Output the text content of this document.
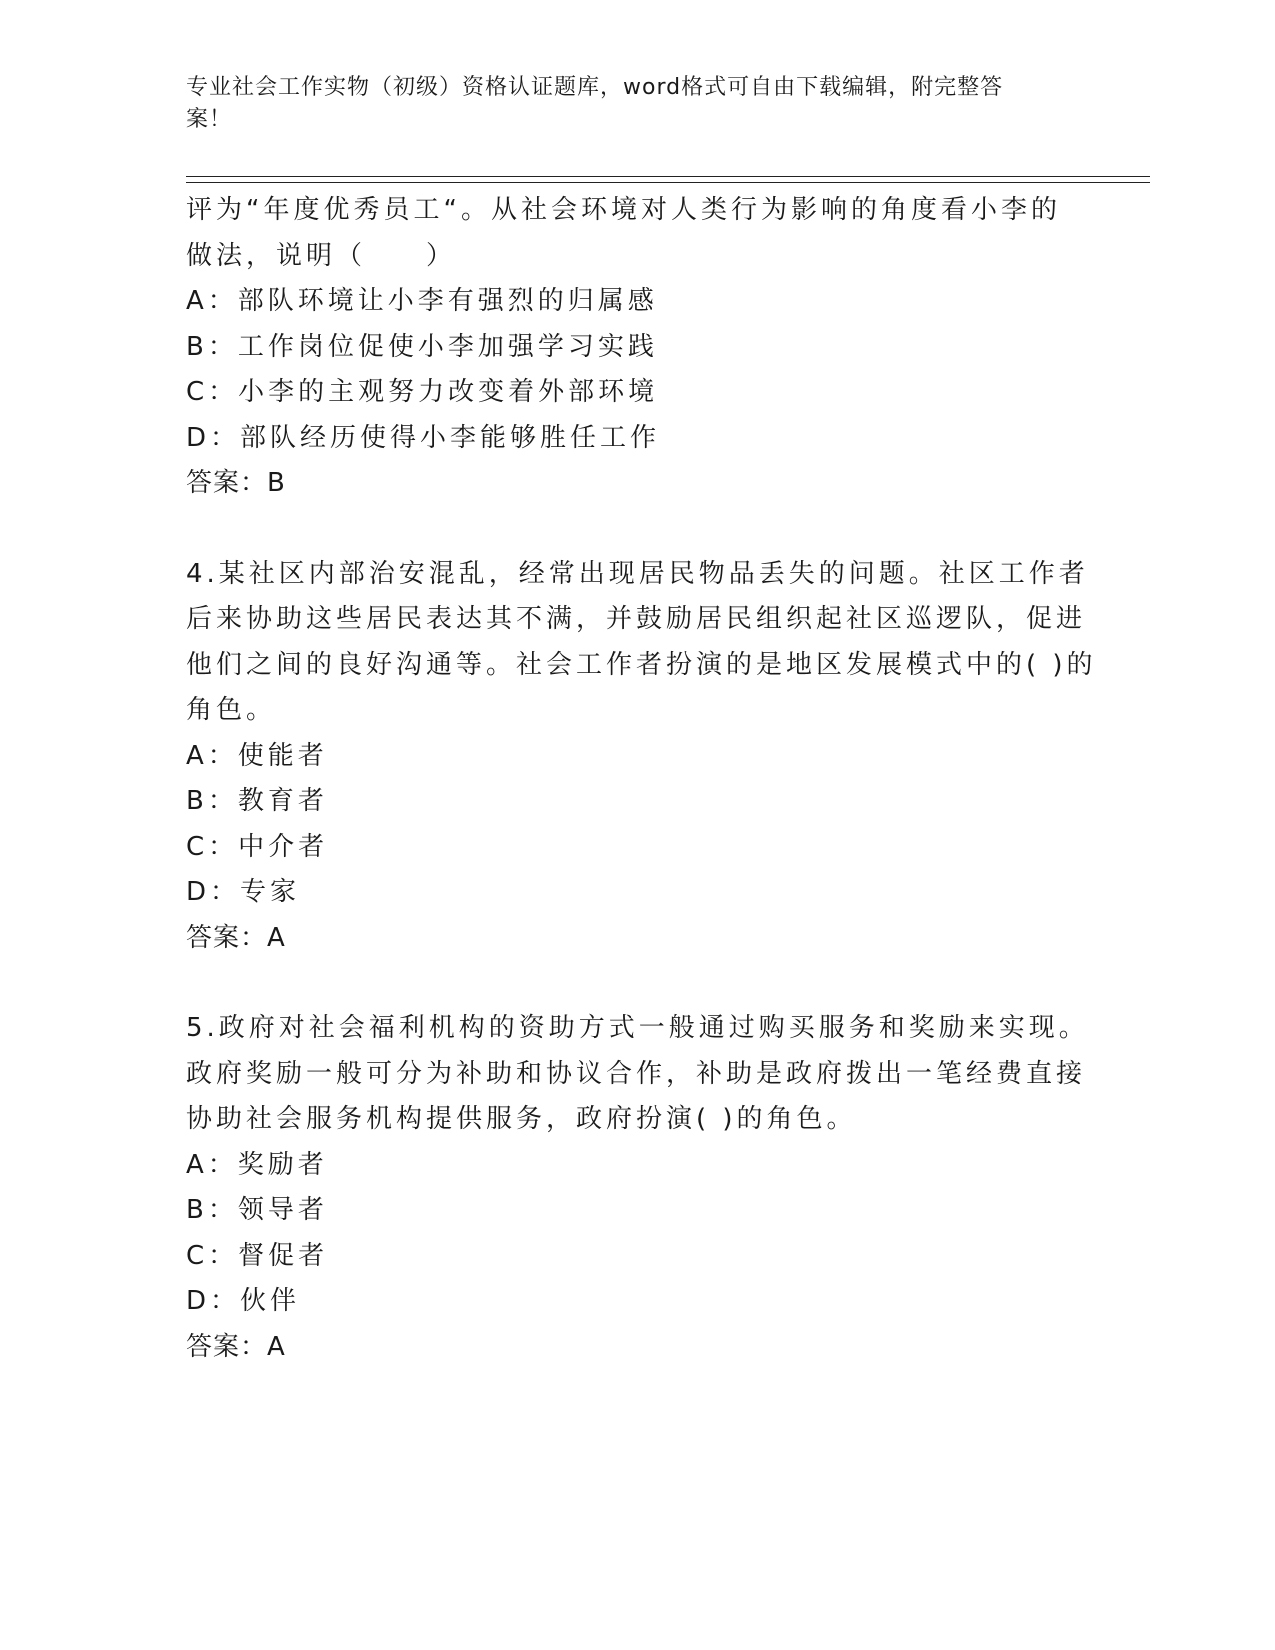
专业社会工作实物（初级）资格认证题库，word格式可自由下载编辑，附完整答
案！
评为“年度优秀员工“。从社会环境对人类行为影响的角度看小李的
做法，说明（　　）
A：部队环境让小李有强烈的归属感
B：工作岗位促使小李加强学习实践
C：小李的主观努力改变着外部环境
D：部队经历使得小李能够胜任工作
答案：B
4.某社区内部治安混乱，经常出现居民物品丢失的问题。社区工作者
后来协助这些居民表达其不满，并鼓励居民组织起社区巡逻队，促进
他们之间的良好沟通等。社会工作者扮演的是地区发展模式中的( )的
角色。
A：使能者
B：教育者
C：中介者
D：专家
答案：A
5.政府对社会福利机构的资助方式一般通过购买服务和奖励来实现。
政府奖励一般可分为补助和协议合作，补助是政府拨出一笔经费直接
协助社会服务机构提供服务，政府扮演( )的角色。
A：奖励者
B：领导者
C：督促者
D：伙伴
答案：A
